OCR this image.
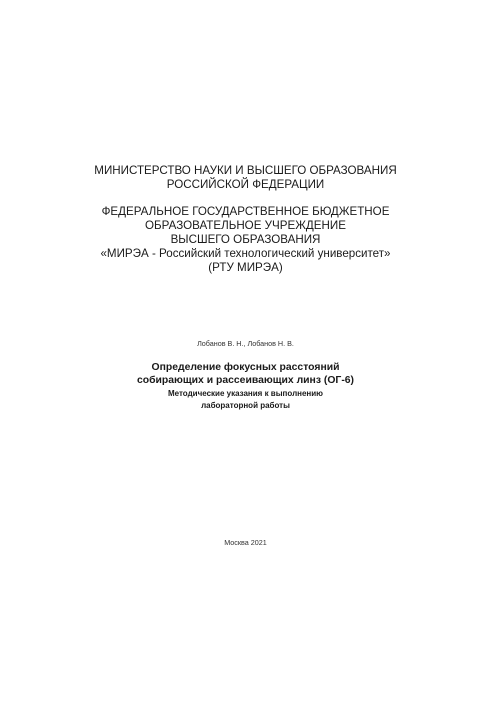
МИНИСТЕРСТВО НАУКИ И ВЫСШЕГО ОБРАЗОВАНИЯ
РОССИЙСКОЙ ФЕДЕРАЦИИ
ФЕДЕРАЛЬНОЕ ГОСУДАРСТВЕННОЕ БЮДЖЕТНОЕ
ОБРАЗОВАТЕЛЬНОЕ УЧРЕЖДЕНИЕ
ВЫСШЕГО ОБРАЗОВАНИЯ
«МИРЭА - Российский технологический университет»
(РТУ МИРЭА)
Лобанов В. Н., Лобанов Н. В.
Определение фокусных расстояний
собирающих и рассеивающих линз (ОГ-6)
Методические указания к выполнению
лабораторной работы
Москва 2021
